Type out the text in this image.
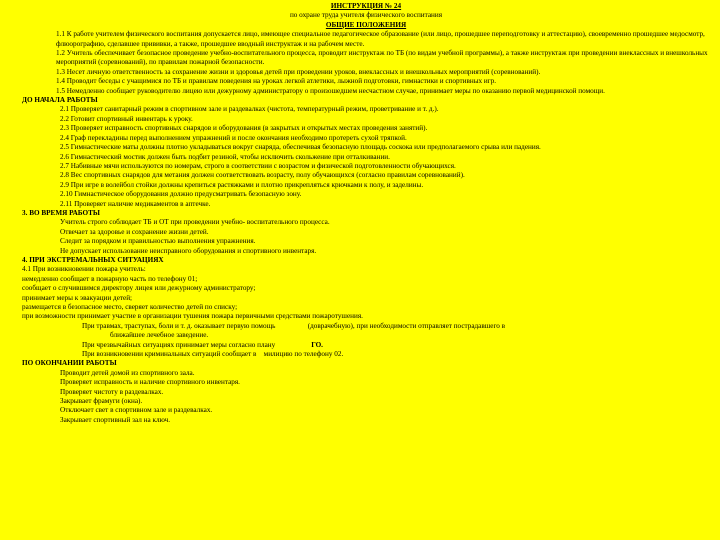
ИНСТРУКЦИЯ № 24

по охране труда учителя физического воспитания

ОБЩИЕ ПОЛОЖЕНИЯ

1.1 К работе учителем физического воспитания допускается лицо, имеющее специальное педагогическое образование (или лицо, прошедшее переподготовку и аттестацию), своевременно прошедшее медосмотр, флюорографию, сделавшее прививки, а также, прошедшее вводный инструктаж и на рабочем месте.

1.2 Учитель обеспечивает безопасное проведение учебно-воспитательного процесса, проводит инструктаж по ТБ (по видам учебной программы), а также инструктаж при проведении внеклассных и внешкольных мероприятий (соревнований), по правилам пожарной безопасности.

1.3 Несет личную ответственность за сохранение жизни и здоровья детей при проведении уроков, внеклассных и внешкольных мероприятий (соревнований).

1.4 Проводит беседы с учащимися по ТБ и правилам поведения на уроках легкой атлетики, лыжной подготовки, гимнастики и спортивных игр.

1.5 Немедленно сообщает руководителю лицею или дежурному администратору о произошедшем несчастном случае, принимает меры по оказанию первой медицинской помощи.

ДО НАЧАЛА РАБОТЫ

2.1 Проверяет санитарный режим в спортивном зале и раздевалках (чистота, температурный режим, проветривание и т. д.).

2.2 Готовит спортивный инвентарь к уроку.

2.3 Проверяет исправность спортивных снарядов и оборудования (в закрытых и открытых местах проведения занятий).

2.4 Граф перекладины перед выполнением упражнений и после окончания необходимо протереть сухой тряпкой.

2.5 Гимнастические маты должны плотно укладываться вокруг снаряда, обеспечивая безопасную площадь соскока или предполагаемого срыва или падения.

2.6 Гимнастический мостик должен быть подбит резиной, чтобы исключить скольжение при отталкивании.

2.7 Набивные мячи используются по номерам, строго в соответствии с возрастом и физической подготовленности обучающихся.

2.8 Вес спортивных снарядов для метания должен соответствовать возрасту, полу обучающихся (согласно правилам соревнований).

2.9 При игре в волейбол стойки должны крепиться растяжками и плотно прикрепляться крючками к полу, и заделины.

2.10 Гимнастическое оборудования должно предусматривать безопасную зону.

2.11 Проверяет наличие медикаментов в аптечке.

3. ВО ВРЕМЯ РАБОТЫ

Учитель строго соблюдает ТБ и ОТ при проведении учебно- воспитательного процесса.

Отвечает за здоровье и сохранение жизни детей.

Следит за порядком и правильностью выполнения упражнения.

Не допускает использование неисправного оборудования и спортивного инвентаря.

4. ПРИ ЭКСТРЕМАЛЬНЫХ СИТУАЦИЯХ

4.1 При возникновении пожара учитель:

немедленно сообщает в пожарную часть по телефону 01;

сообщает о случившимся директору лицея или дежурному администратору;

принимает меры к эвакуации детей;

размещается в безопасное место, сверяет количество детей по списку;

при возможности принимает участие в организации тушения пожара первичными средствами пожаротушения.

При травмах, траступах, боли и т. д. оказывает первую помощь                  (доврачебную), при необходимости отправляет пострадавшего в

ближайшее лечебное заведение.

При чрезвычайных ситуациях принимает меры согласно плану	ГО.

При возникновении криминальных ситуаций сообщает в милицию по телефону 02.

ПО ОКОНЧАНИИ РАБОТЫ

Проводит детей домой из спортивного зала.

Проверяет исправность и наличие спортивного инвентаря.

Проверяет чистоту в раздевалках.

Закрывает фрамуги (окна).

Отключает свет в спортивном зале и раздевалках.

Закрывает спортивный зал на ключ.
